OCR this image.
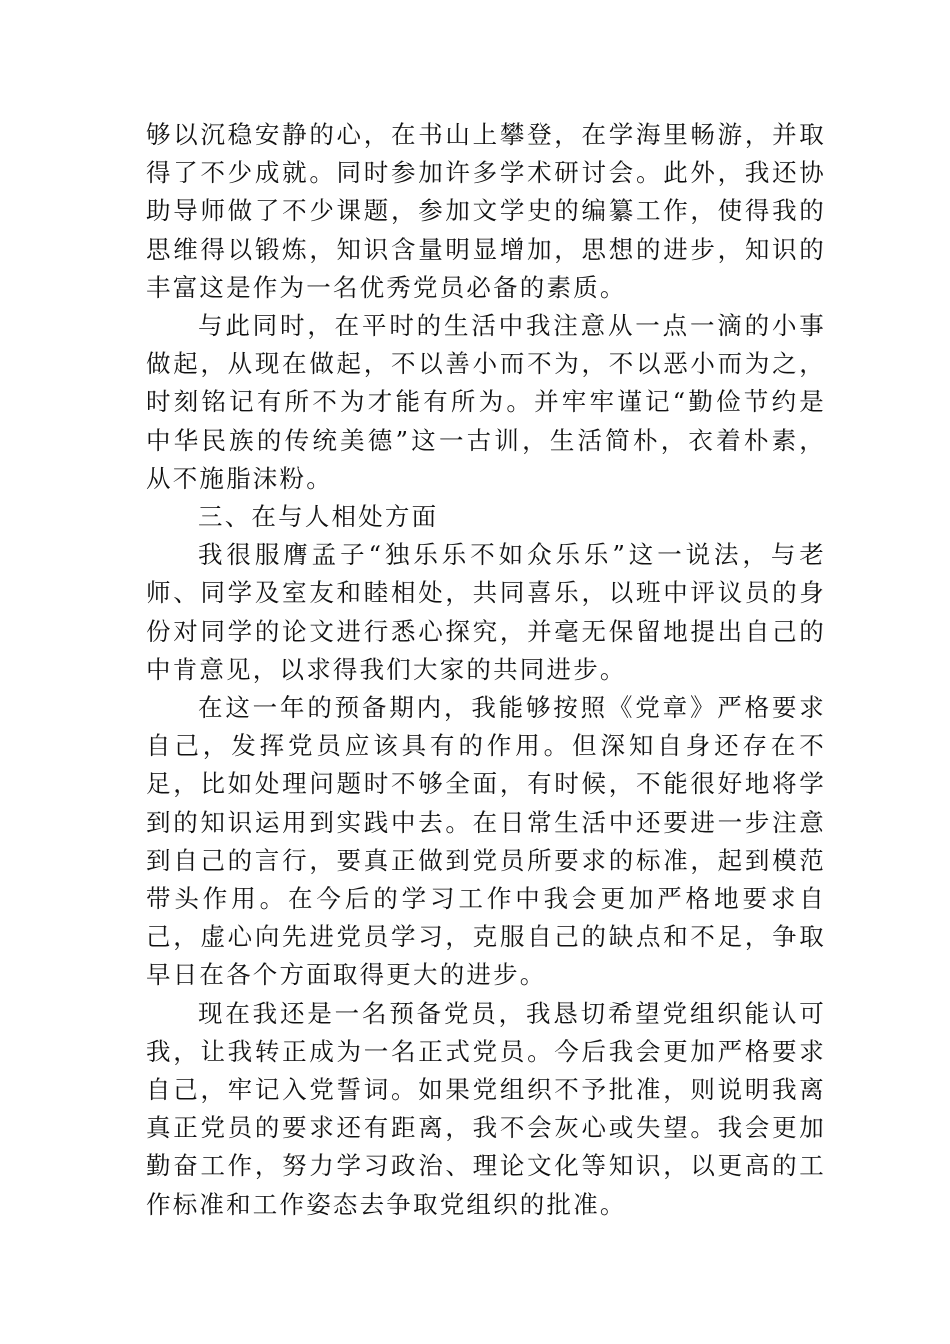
够以沉稳安静的心，在书山上攀登，在学海里畅游，并取得了不少成就。同时参加许多学术研讨会。此外，我还协助导师做了不少课题，参加文学史的编纂工作，使得我的思维得以锻炼，知识含量明显增加，思想的进步，知识的丰富这是作为一名优秀党员必备的素质。

与此同时，在平时的生活中我注意从一点一滴的小事做起，从现在做起，不以善小而不为，不以恶小而为之，时刻铭记有所不为才能有所为。并牢牢谨记“勤俭节约是中华民族的传统美德”这一古训，生活简朴，衣着朴素，从不施脂沫粉。

三、在与人相处方面

我很服膺孟子“独乐乐不如众乐乐”这一说法，与老师、同学及室友和睦相处，共同喜乐，以班中评议员的身份对同学的论文进行悉心探究，并毫无保留地提出自己的中肯意见，以求得我们大家的共同进步。

在这一年的预备期内，我能够按照《党章》严格要求自己，发挥党员应该具有的作用。但深知自身还存在不足，比如处理问题时不够全面，有时候，不能很好地将学到的知识运用到实践中去。在日常生活中还要进一步注意到自己的言行，要真正做到党员所要求的标准，起到模范带头作用。在今后的学习工作中我会更加严格地要求自己，虚心向先进党员学习，克服自己的缺点和不足，争取早日在各个方面取得更大的进步。

现在我还是一名预备党员，我恳切希望党组织能认可我，让我转正成为一名正式党员。今后我会更加严格要求自己，牢记入党誓词。如果党组织不予批准，则说明我离真正党员的要求还有距离，我不会灰心或失望。我会更加勤奋工作，努力学习政治、理论文化等知识，以更高的工作标准和工作姿态去争取党组织的批准。
